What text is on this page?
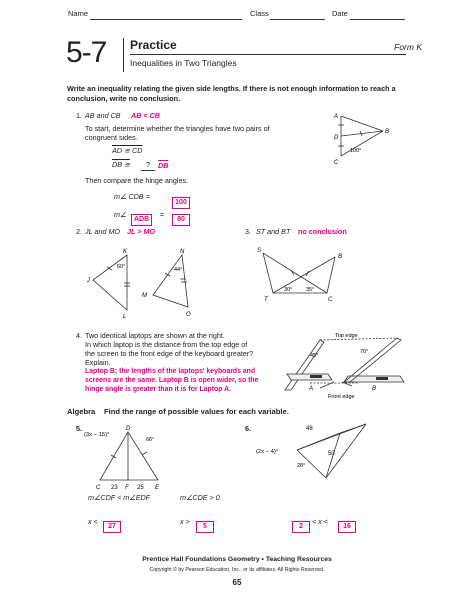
Name	Class	Date
5-7 Practice	Form K
Inequalities in Two Triangles
Write an inequality relating the given side lengths. If there is not enough information to reach a conclusion, write no conclusion.
1. AB and CB AB < CB
To start, determine whether the triangles have two pairs of
congruent sides.
AD ≅ CD
DB ≅	?	$\overline{DB}$
Then compare the hinge angles.
m∠ CDB =
100
m∠
ADB
=
80
A
B
D
C
100°
2. JL and MO JL > MO
K
J
L
N
M
O
60°	44°
3. ST and BT no conclusion
S
B
T	C
30° 35°
4. Two identical laptops are shown at the right.
In which laptop is the distance from the top edge of
the screen to the front edge of the keyboard greater?
Explain.
Laptop B; the lengths of the laptops' keyboards and
screens are the same. Laptop B is open wider, so the
hinge angle is greater than it is for Laptop A.
Top edge
45°
70°
A	B
Front edge
Algebra Find the range of possible values for each variable.
5.
(3x − 15)°
D
66°
C 23 F 25 E
m∠CDF < m∠EDF	m∠CDE > 0
x <
27
x >
5
6.	48
50
(2x − 4)°
28°
2
< x <
16
Prentice Hall Foundations Geometry • Teaching Resources
Copyright © by Pearson Education, Inc., or its affiliates. All Rights Reserved.
65
